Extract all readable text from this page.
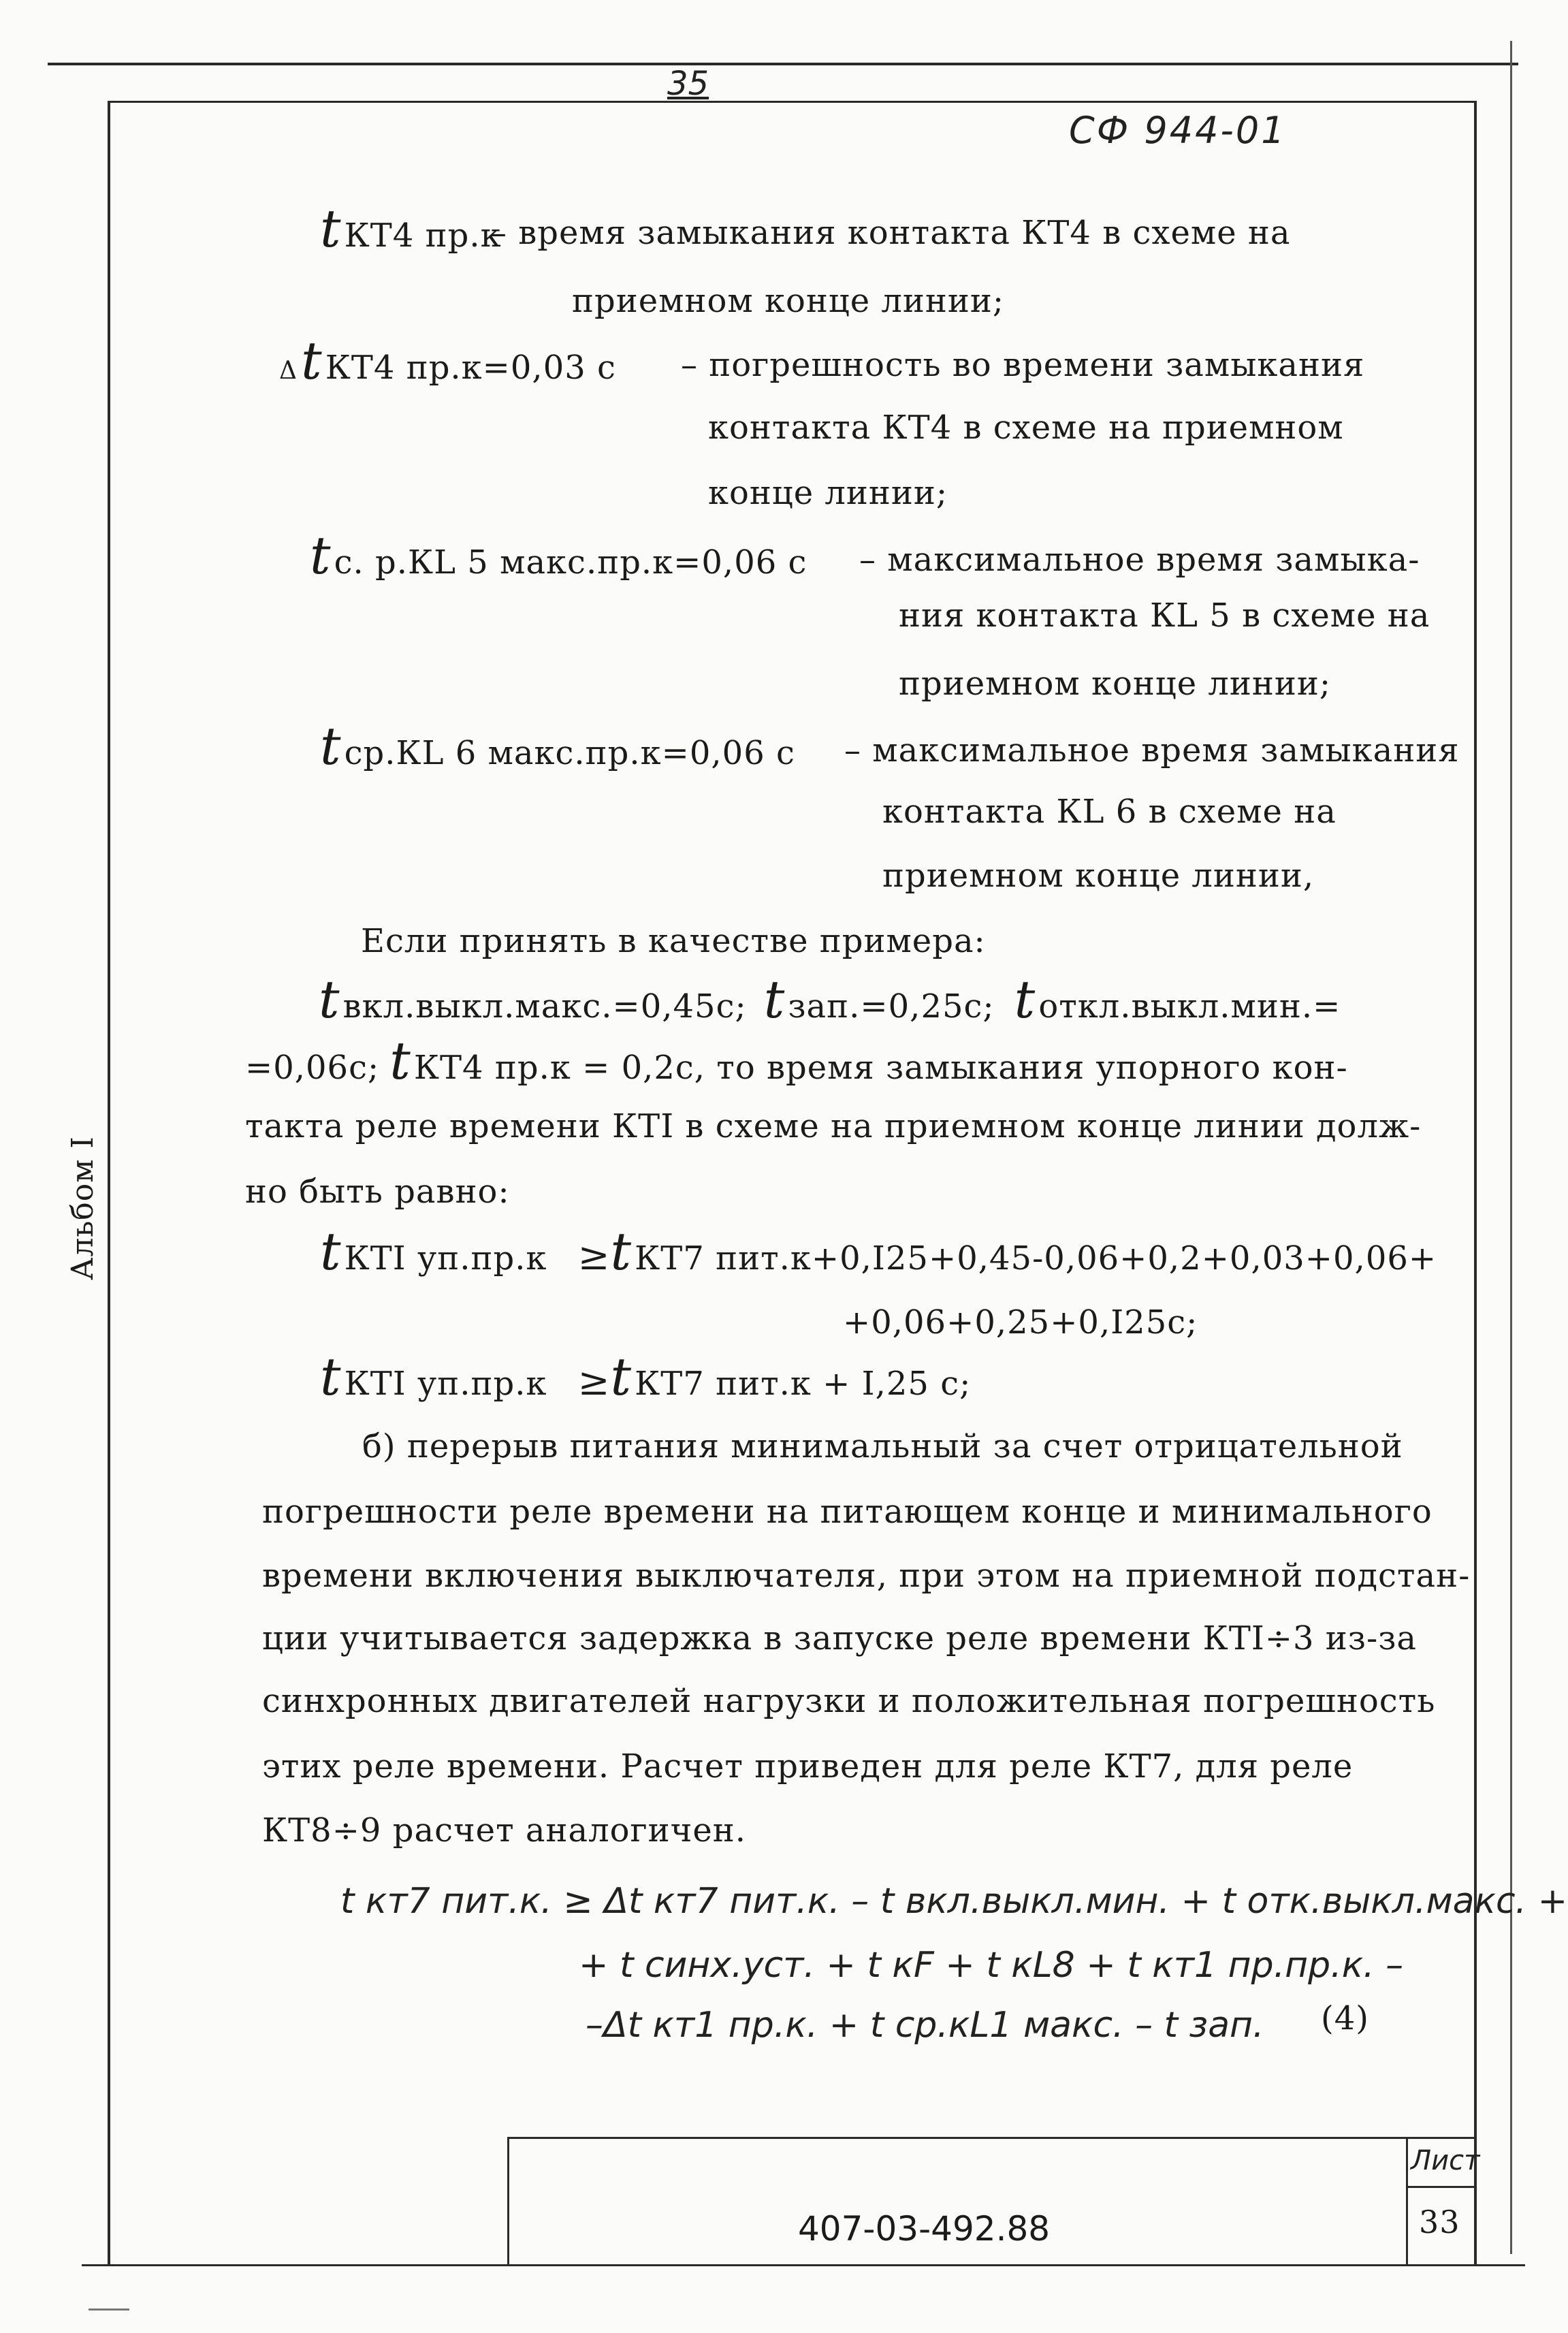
35
СФ 944-01
Альбом I
t КТ4 пр.к
– время замыкания контакта КТ4 в схеме на
приемном конце линии;
Δ t КТ4 пр.к=0,03 с – погрешность во времени замыкания
контакта КТ4 в схеме на приемном
конце линии;
t с. р.КL 5 макс.пр.к=0,06 с – максимальное время замыка-
ния контакта КL 5 в схеме на
приемном конце линии;
t ср.КL 6 макс.пр.к=0,06 с – максимальное время замыкания
контакта КL 6 в схеме на
приемном конце линии,
Если принять в качестве примера:
t вкл.выкл.макс.=0,45с; t зап.=0,25с; t откл.выкл.мин.=
=0,06с; t КТ4 пр.к = 0,2с, то время замыкания упорного кон-
такта реле времени КТI в схеме на приемном конце линии долж-
но быть равно:
t КТI уп.пр.к ≥t КТ7 пит.к+0,I25+0,45-0,06+0,2+0,03+0,06+
+0,06+0,25+0,I25с;
t КТI уп.пр.к ≥t КТ7 пит.к + I,25 с;
б) перерыв питания минимальный за счет отрицательной
погрешности реле времени на питающем конце и минимального
времени включения выключателя, при этом на приемной подстан-
ции учитывается задержка в запуске реле времени КТI÷3 из-за
синхронных двигателей нагрузки и положительная погрешность
этих реле времени. Расчет приведен для реле КТ7, для реле
КТ8÷9 расчет аналогичен.
t кт7 пит.к. ≥ Δt кт7 пит.к. – t вкл.выкл.мин. + t отк.выкл.макс. +
+ t синх.уст. + t кF + t кL8 + t кт1 пр.пр.к. –
–Δt кт1 пр.к. + t ср.кL1 макс. – t зап. (4)
Лист
33
407-03-492.88
